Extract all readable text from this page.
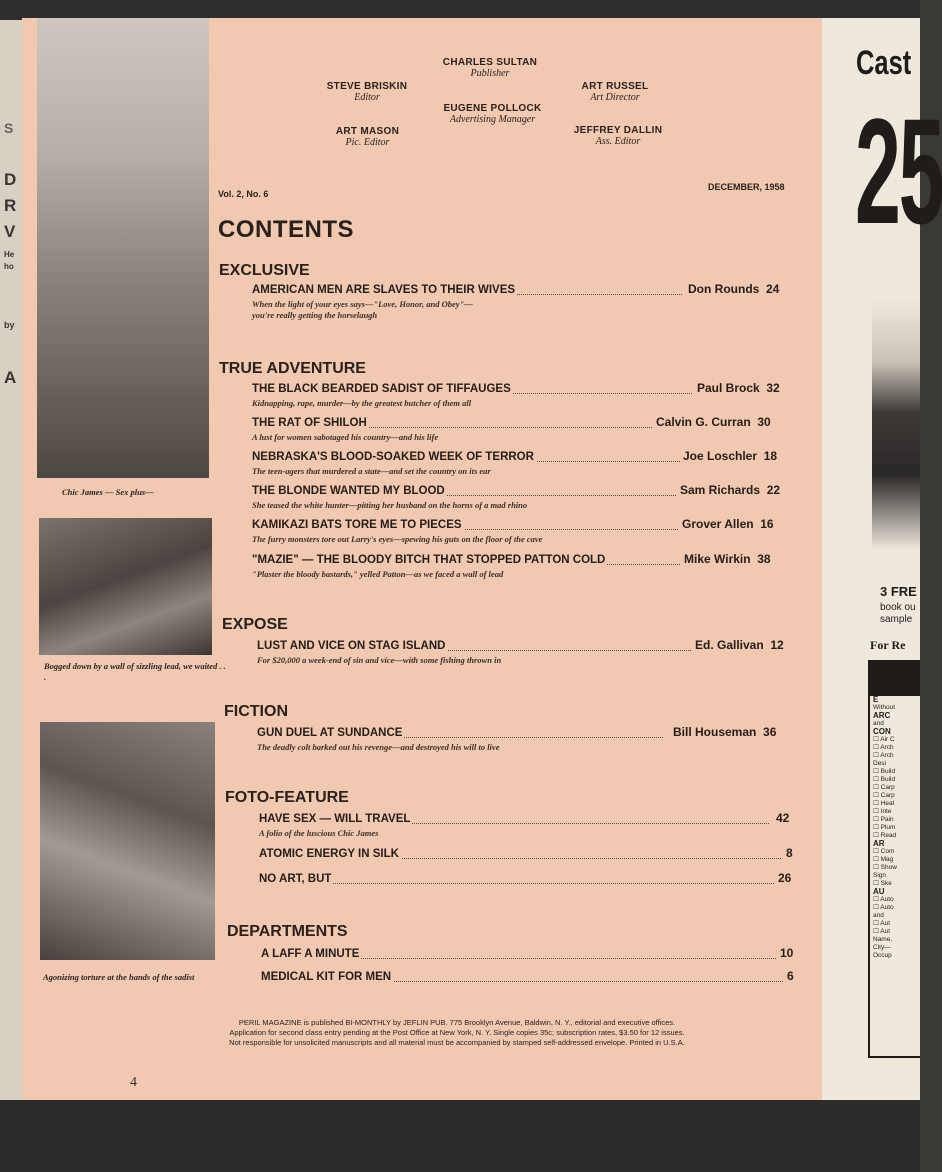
S
D
R
V
He
ho
by
A
Chic James — Sex plus—
Bogged down by a wall of sizzling lead, we waited . . .
Agonizing torture at the hands of the sadist
CHARLES SULTAN
Publisher
STEVE BRISKIN
Editor
ART RUSSEL
Art Director
EUGENE POLLOCK
Advertising Manager
ART MASON
Pic. Editor
JEFFREY DALLIN
Ass. Editor
Vol. 2, No. 6
DECEMBER, 1958
CONTENTS
EXCLUSIVE
TRUE ADVENTURE
EXPOSE
FICTION
FOTO-FEATURE
DEPARTMENTS
AMERICAN MEN ARE SLAVES TO THEIR WIVES	Don Rounds 24
When the light of your eyes says—"Love, Honor, and Obey"—
you're really getting the horselaugh
THE BLACK BEARDED SADIST OF TIFFAUGES	Paul Brock 32
Kidnapping, rape, murder—by the greatest butcher of them all
THE RAT OF SHILOH	Calvin G. Curran 30
A lust for women sabotaged his country—and his life
NEBRASKA'S BLOOD-SOAKED WEEK OF TERROR	Joe Loschler 18
The teen-agers that murdered a state—and set the country on its ear
THE BLONDE WANTED MY BLOOD	Sam Richards 22
She teased the white hunter—pitting her husband on the horns of a mad rhino
KAMIKAZI BATS TORE ME TO PIECES	Grover Allen 16
The furry monsters tore out Larry's eyes—spewing his guts on the floor of the cave
"MAZIE" — THE BLOODY BITCH THAT STOPPED PATTON COLD	Mike Wirkin 38
"Plaster the bloody bastards," yelled Patton—as we faced a wall of lead
LUST AND VICE ON STAG ISLAND	Ed. Gallivan 12
For $20,000 a week-end of sin and vice—with some fishing thrown in
GUN DUEL AT SUNDANCE	Bill Houseman 36
The deadly colt barked out his revenge—and destroyed his will to live
HAVE SEX — WILL TRAVEL	42
A folio of the luscious Chic James
ATOMIC ENERGY IN SILK	8
NO ART, BUT	26
A LAFF A MINUTE	10
MEDICAL KIT FOR MEN	6
PERIL MAGAZINE is published BI-MONTHLY by JEFLIN PUB. 775 Brooklyn Avenue, Baldwin, N. Y., editorial and executive offices.
Application for second class entry pending at the Post Office at New York, N. Y. Single copies 35c; subscription rates, $3.50 for 12 issues.
Not responsible for unsolicited manuscripts and all material must be accompanied by stamped self-addressed envelope. Printed in U.S.A.
4
Cast
25
3 FRE
book ou
sample
For Re
E
Without
ARC
and
CON
☐ Air C
☐ Arch
☐ Arch
Desi
☐ Build
☐ Build
☐ Carp
☐ Carp
☐ Heat
☐ Inte
☐ Pain
☐ Plum
☐ Read
AR
☐ Com
☐ Mag
☐ Show
Sign
☐ Ske
AU
☐ Auto
☐ Auto
and
☐ Aut
☐ Aut
Name.
City—
Occup
